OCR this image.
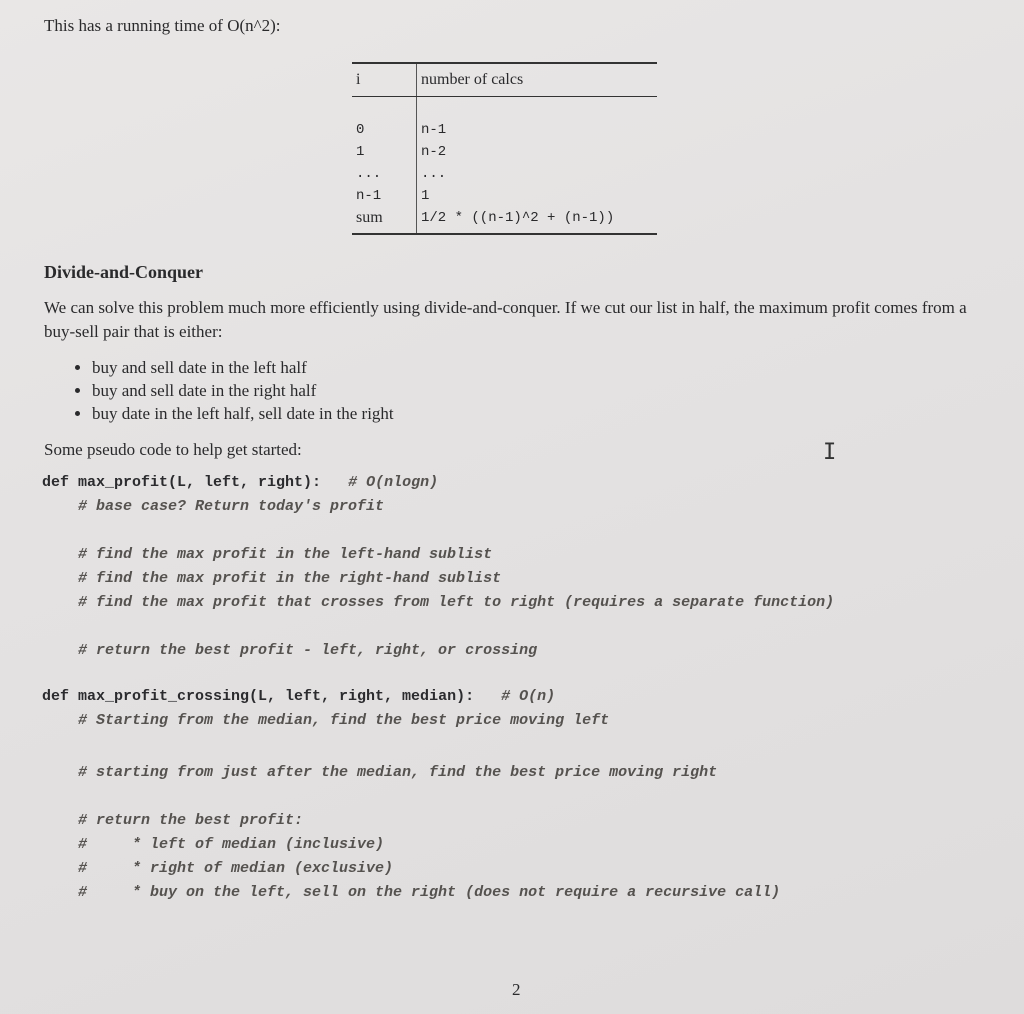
This has a running time of O(n^2):
i	number of calcs

0	n-1
1	n-2
...	...
n-1	1
sum	1/2 * ((n-1)^2 + (n-1))
Divide-and-Conquer
We can solve this problem much more efficiently using divide-and-conquer. If we cut our list in half, the maximum profit comes from a buy-sell pair that is either:
• buy and sell date in the left half
• buy and sell date in the right half
• buy date in the left half, sell date in the right
Some pseudo code to help get started:	I
def max_profit(L, left, right): # O(nlogn)
# base case? Return today's profit
# find the max profit in the left-hand sublist
# find the max profit in the right-hand sublist
# find the max profit that crosses from left to right (requires a separate function)
# return the best profit - left, right, or crossing
def max_profit_crossing(L, left, right, median): # O(n)
# Starting from the median, find the best price moving left
# starting from just after the median, find the best price moving right
# return the best profit:
#     * left of median (inclusive)
#     * right of median (exclusive)
#     * buy on the left, sell on the right (does not require a recursive call)
2
